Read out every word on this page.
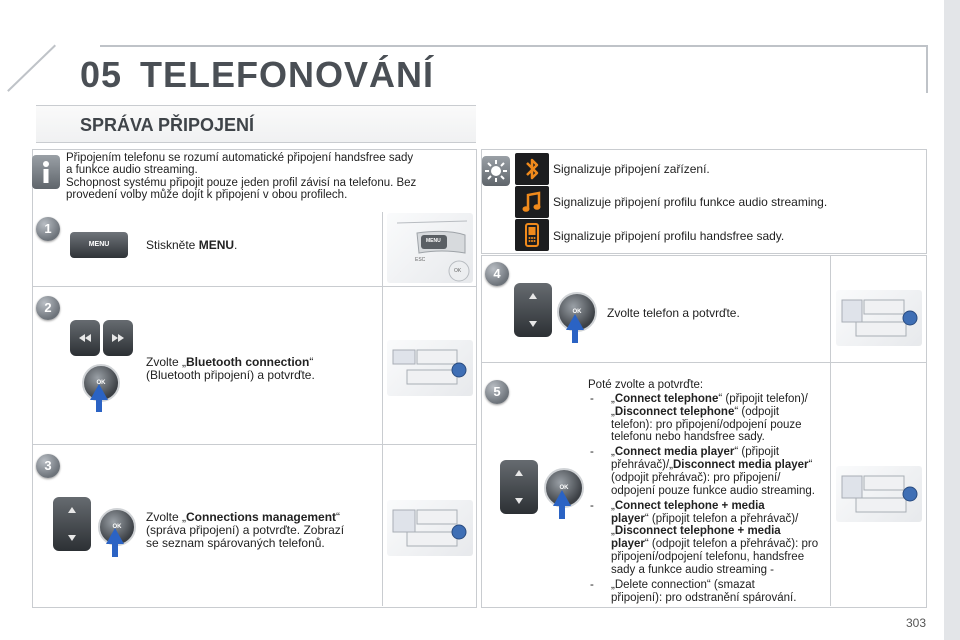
05 TELEFONOVÁNÍ
SPRÁVA PŘIPOJENÍ
Připojením telefonu se rozumí automatické připojení handsfree sady
a funkce audio streaming.
Schopnost systému připojit pouze jeden profil závisí na telefonu. Bez
provedení volby může dojít k připojení v obou profilech.
1
MENU	Stiskněte MENU.	MENU
ESC
OK
2
OK
Zvolte „Bluetooth connection“
(Bluetooth připojení) a potvrďte.
3
OK
Zvolte „Connections management“
(správa připojení) a potvrďte. Zobrazí
se seznam spárovaných telefonů.
Signalizuje připojení zařízení.
Signalizuje připojení profilu funkce audio streaming.
Signalizuje připojení profilu handsfree sady.
4
OK	Zvolte telefon a potvrďte.
5
OK
Poté zvolte a potvrďte:
- „Connect telephone“ (připojit telefon)/
„Disconnect telephone“ (odpojit
telefon): pro připojení/odpojení pouze
telefonu nebo handsfree sady.
- „Connect media player“ (připojit
přehrávač)/„Disconnect media player“
(odpojit přehrávač): pro připojení/
odpojení pouze funkce audio streaming.
- „Connect telephone + media
player“ (připojit telefon a přehrávač)/
„Disconnect telephone + media
player“ (odpojit telefon a přehrávač): pro
připojení/odpojení telefonu, handsfree
sady a funkce audio streaming -
- „Delete connection“ (smazat
připojení): pro odstranění spárování.
303
